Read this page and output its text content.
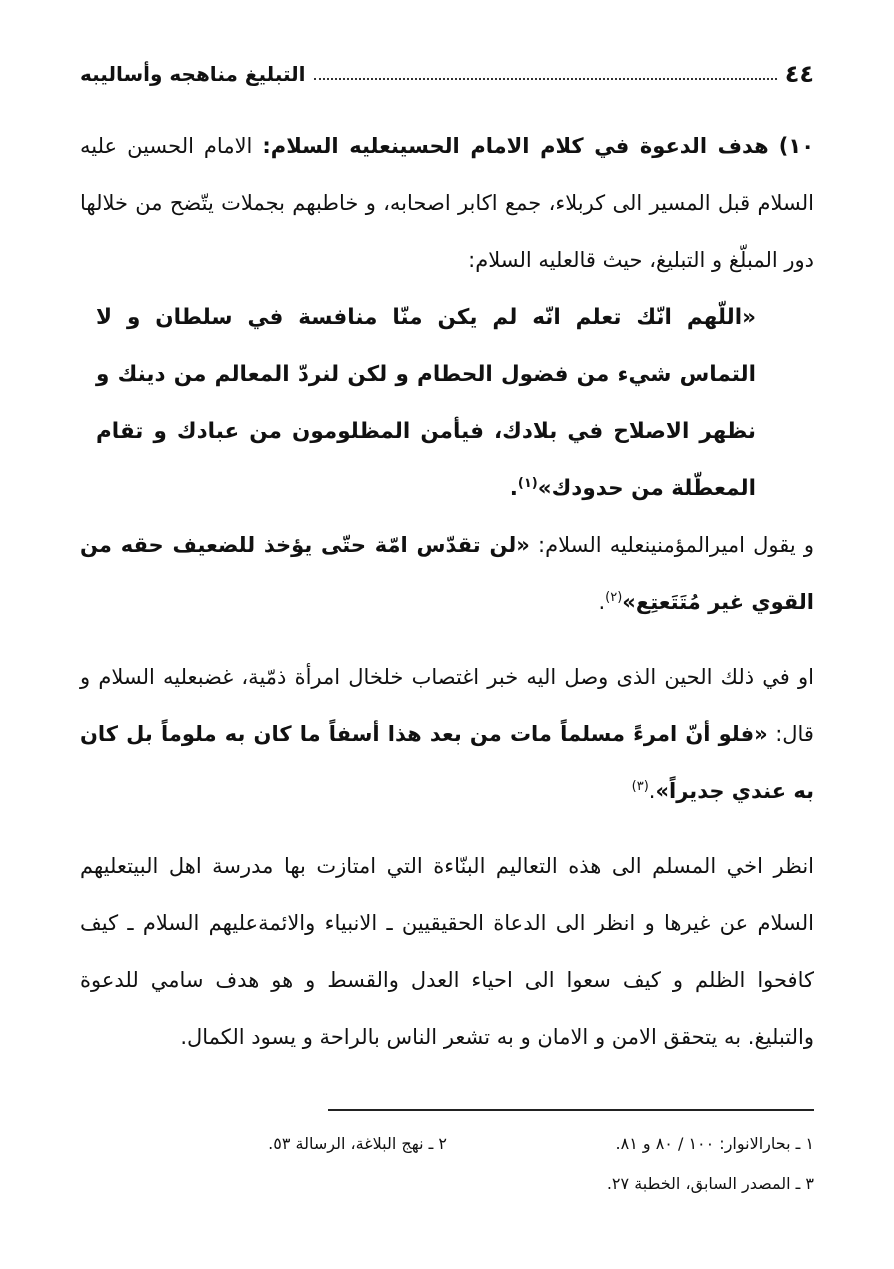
٤٤
التبليغ مناهجه وأساليبه

١٠) هدف الدعوة في كلام الامام الحسينعليه السلام: الامام الحسين عليه السلام قبل المسير الى كربلاء، جمع اكابر اصحابه، و خاطبهم بجملات يتّضح من خلالها دور المبلّغ و التبليغ، حيث قالعليه السلام:

«اللّهم انّك تعلم انّه لم يكن منّا منافسة في سلطان و لا التماس شيء من فضول الحطام و لكن لنردّ المعالم من دينك و نظهر الاصلاح في بلادك، فيأمن المظلومون من عبادك و تقام المعطّلة من حدودك»$^{(١)}$.

و يقول اميرالمؤمنينعليه السلام: «لن تقدّس امّة حتّى يؤخذ للضعيف حقه من القوي غير مُتَتَعتِع»$^{(٢)}$.

او في ذلك الحين الذى وصل اليه خبر اغتصاب خلخال امرأة ذمّية، غضبعليه السلام و قال: «فلو أنّ امرءً مسلماً مات من بعد هذا أسفاً ما كان به ملوماً بل كان به عندي جديراً».$^{(٣)}$

انظر اخي المسلم الى هذه التعاليم البنّاءة التي امتازت بها مدرسة اهل البيتعليهم السلام عن غيرها و انظر الى الدعاة الحقيقيين ـ الانبياء والائمةعليهم السلام ـ كيف كافحوا الظلم و كيف سعوا الى احياء العدل والقسط و هو هدف سامي للدعوة والتبليغ. به يتحقق الامن و الامان و به تشعر الناس بالراحة و يسود الكمال.

١ ـ بحارالانوار: ١٠٠ / ٨٠ و ٨١.
٢ ـ نهج البلاغة، الرسالة ٥٣.
٣ ـ المصدر السابق، الخطبة ٢٧.
